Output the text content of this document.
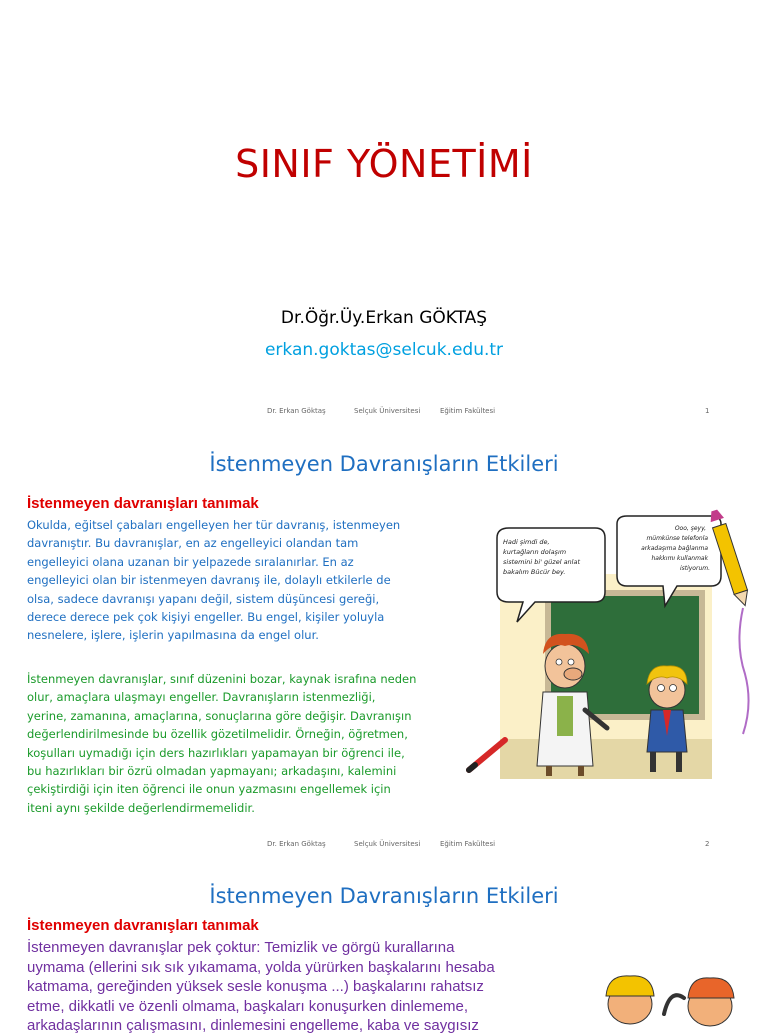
SINIF YÖNETİMİ
Dr.Öğr.Üy.Erkan GÖKTAŞ
erkan.goktas@selcuk.edu.tr
Dr. Erkan Göktaş	Selçuk Üniversitesi	Eğitim Fakültesi	1
İstenmeyen Davranışların Etkileri
İstenmeyen davranışları tanımak
Okulda, eğitsel çabaları engelleyen her tür davranış, istenmeyen
davranıştır. Bu davranışlar, en az engelleyici olandan tam
engelleyici olana uzanan bir yelpazede sıralanırlar. En az
engelleyici olan bir istenmeyen davranış ile, dolaylı etkilerle de
olsa, sadece davranışı yapanı değil, sistem düşüncesi gereği,
derece derece pek çok kişiyi engeller. Bu engel, kişiler yoluyla
nesnelere, işlere, işlerin yapılmasına da engel olur.
İstenmeyen davranışlar, sınıf düzenini bozar, kaynak israfına neden
olur, amaçlara ulaşmayı engeller. Davranışların istenmezliği,
yerine, zamanına, amaçlarına, sonuçlarına göre değişir. Davranışın
değerlendirilmesinde bu özellik gözetilmelidir. Örneğin, öğretmen,
koşulları uymadığı için ders hazırlıkları yapamayan bir öğrenci ile,
bu hazırlıkları bir özrü olmadan yapmayanı; arkadaşını, kalemini
çekiştirdiği için iten öğrenci ile onun yazmasını engellemek için
iteni aynı şekilde değerlendirmemelidir.
Hadi şimdi de, kurtağların dolaşım sistemini bi' güzel anlat bakalım Bücür bey.
Ooo, şeyy, mümkünse telefonla arkadaşıma bağlanma hakkımı kullanmak istiyorum.
Dr. Erkan Göktaş	Selçuk Üniversitesi	Eğitim Fakültesi	2
İstenmeyen Davranışların Etkileri
İstenmeyen davranışları tanımak
İstenmeyen davranışlar pek çoktur: Temizlik ve görgü kurallarına
uymama (ellerini sık sık yıkamama, yolda yürürken başkalarını hesaba
katmama, gereğinden yüksek sesle konuşma ...) başkalarını rahatsız
etme, dikkatli ve özenli olmama, başkaları konuşurken dinlememe,
arkadaşlarının çalışmasını, dinlemesini engelleme, kaba ve saygısız
